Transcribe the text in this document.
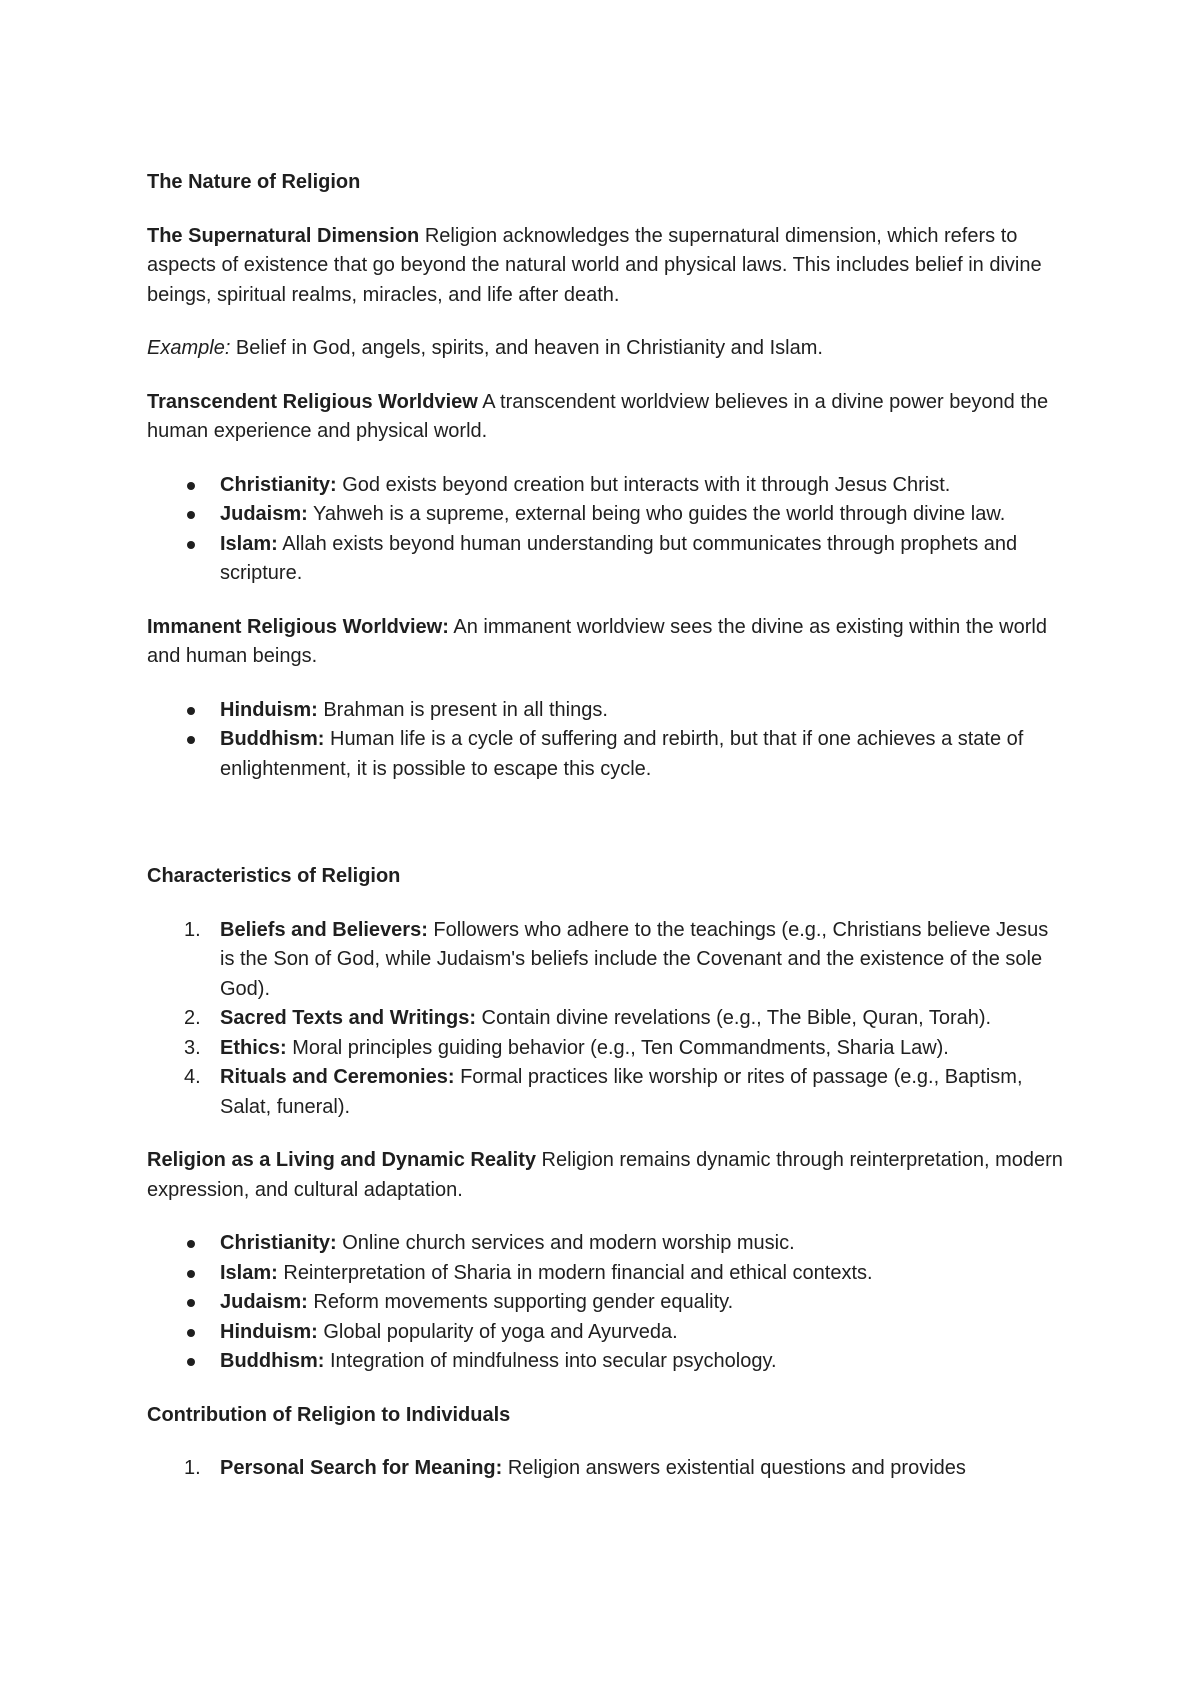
The Nature of Religion

The Supernatural Dimension Religion acknowledges the supernatural dimension, which refers to aspects of existence that go beyond the natural world and physical laws. This includes belief in divine beings, spiritual realms, miracles, and life after death.

Example: Belief in God, angels, spirits, and heaven in Christianity and Islam.

Transcendent Religious Worldview A transcendent worldview believes in a divine power beyond the human experience and physical world.

Christianity: God exists beyond creation but interacts with it through Jesus Christ.
Judaism: Yahweh is a supreme, external being who guides the world through divine law.
Islam: Allah exists beyond human understanding but communicates through prophets and scripture.

Immanent Religious Worldview: An immanent worldview sees the divine as existing within the world and human beings.

Hinduism: Brahman is present in all things.
Buddhism: Human life is a cycle of suffering and rebirth, but that if one achieves a state of enlightenment, it is possible to escape this cycle.

Characteristics of Religion

1. Beliefs and Believers: Followers who adhere to the teachings (e.g., Christians believe Jesus is the Son of God, while Judaism's beliefs include the Covenant and the existence of the sole God).
2. Sacred Texts and Writings: Contain divine revelations (e.g., The Bible, Quran, Torah).
3. Ethics: Moral principles guiding behavior (e.g., Ten Commandments, Sharia Law).
4. Rituals and Ceremonies: Formal practices like worship or rites of passage (e.g., Baptism, Salat, funeral).

Religion as a Living and Dynamic Reality Religion remains dynamic through reinterpretation, modern expression, and cultural adaptation.

Christianity: Online church services and modern worship music.
Islam: Reinterpretation of Sharia in modern financial and ethical contexts.
Judaism: Reform movements supporting gender equality.
Hinduism: Global popularity of yoga and Ayurveda.
Buddhism: Integration of mindfulness into secular psychology.

Contribution of Religion to Individuals

1. Personal Search for Meaning: Religion answers existential questions and provides
